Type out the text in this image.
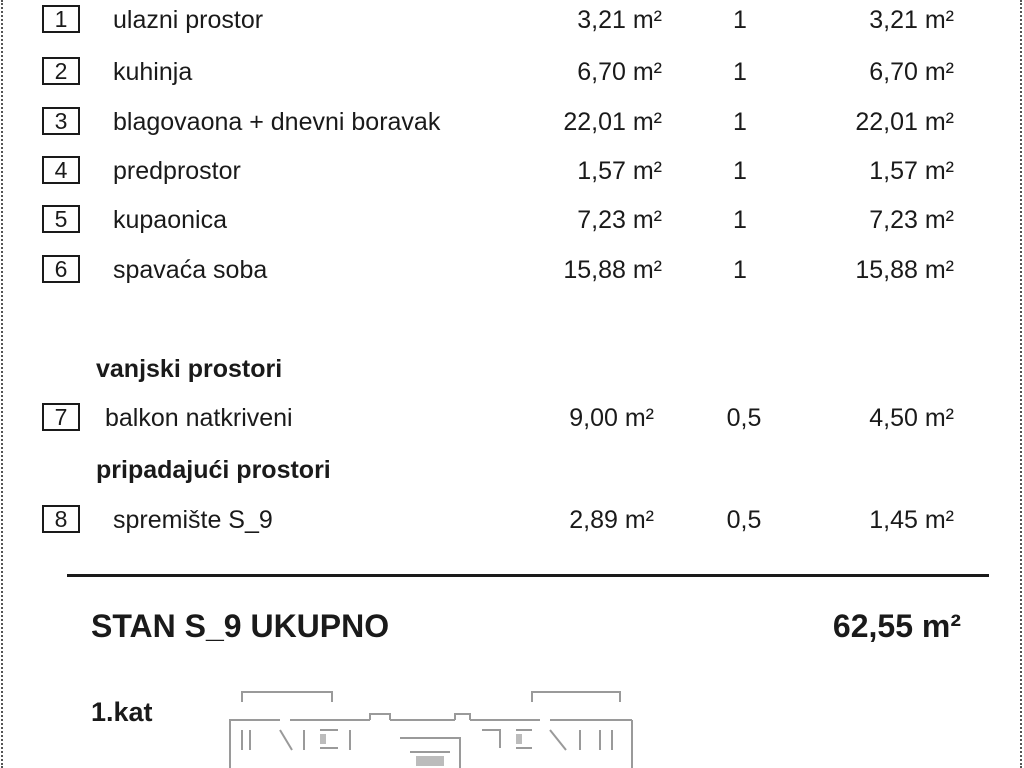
1	ulazni prostor	3,21 m²	1	3,21 m²
2	kuhinja	6,70 m²	1	6,70 m²
3	blagovaona + dnevni boravak	22,01 m²	1	22,01 m²
4	predprostor	1,57 m²	1	1,57 m²
5	kupaonica	7,23 m²	1	7,23 m²
6	spavaća soba	15,88 m²	1	15,88 m²
vanjski prostori
7	balkon natkriveni	9,00 m²	0,5	4,50 m²
pripadajući prostori
8	spremište S_9	2,89 m²	0,5	1,45 m²
STAN S_9 UKUPNO	62,55 m²
1.kat
